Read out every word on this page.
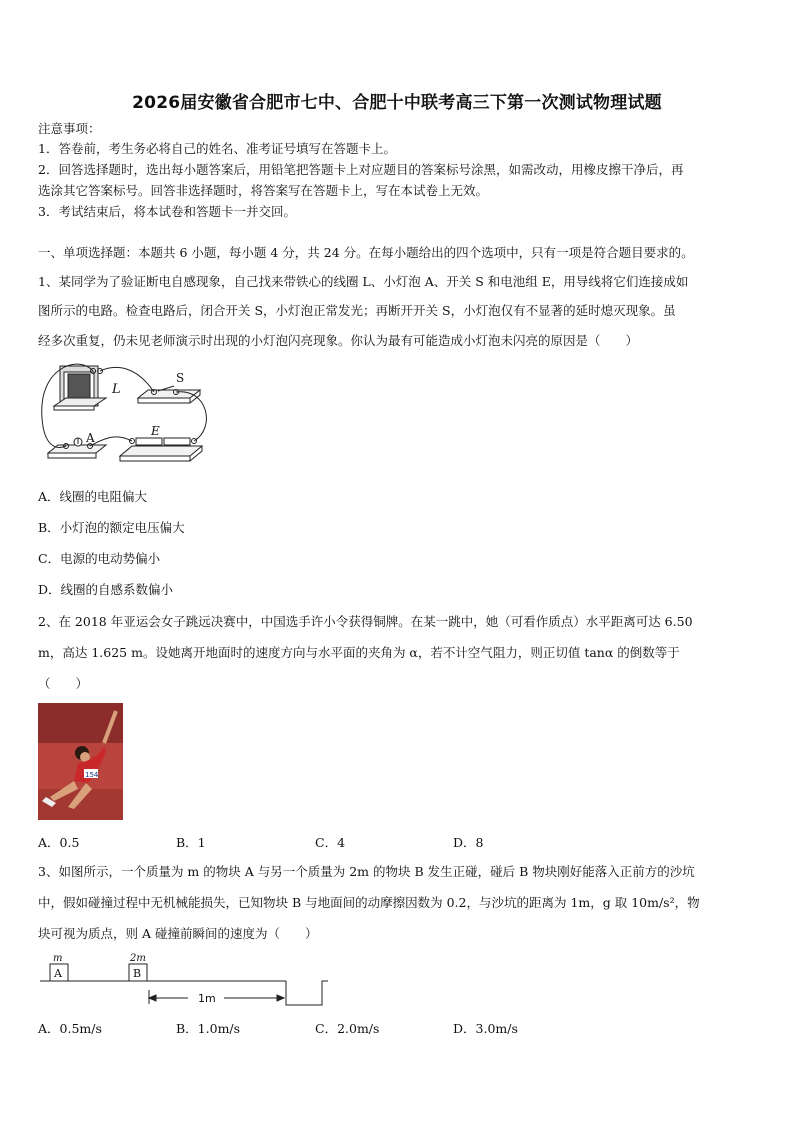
2026届安徽省合肥市七中、合肥十中联考高三下第一次测试物理试题
注意事项：
1．答卷前，考生务必将自己的姓名、准考证号填写在答题卡上。
2．回答选择题时，选出每小题答案后，用铅笔把答题卡上对应题目的答案标号涂黑，如需改动，用橡皮擦干净后，再
选涂其它答案标号。回答非选择题时，将答案写在答题卡上，写在本试卷上无效。
3．考试结束后，将本试卷和答题卡一并交回。
一、单项选择题：本题共 6 小题，每小题 4 分，共 24 分。在每小题给出的四个选项中，只有一项是符合题目要求的。
1、某同学为了验证断电自感现象，自己找来带铁心的线圈 L、小灯泡 A、开关 S 和电池组 E，用导线将它们连接成如
图所示的电路。检查电路后，闭合开关 S，小灯泡正常发光；再断开开关 S，小灯泡仅有不显著的延时熄灭现象。虽
经多次重复，仍未见老师演示时出现的小灯泡闪亮现象。你认为最有可能造成小灯泡未闪亮的原因是（　　）
L
S
E
A
A．线圈的电阻偏大
B．小灯泡的额定电压偏大
C．电源的电动势偏小
D．线圈的自感系数偏小
2、在 2018 年亚运会女子跳远决赛中，中国选手许小令获得铜牌。在某一跳中，她（可看作质点）水平距离可达 6.50
m，高达 1.625 m。设她离开地面时的速度方向与水平面的夹角为 α，若不计空气阻力，则正切值 tanα 的倒数等于
（　　）
154
A．0.5	B．1	C．4	D．8
3、如图所示，一个质量为 m 的物块 A 与另一个质量为 2m 的物块 B 发生正碰，碰后 B 物块刚好能落入正前方的沙坑
中，假如碰撞过程中无机械能损失，已知物块 B 与地面间的动摩擦因数为 0.2，与沙坑的距离为 1m，g 取 10m/s²，物
块可视为质点，则 A 碰撞前瞬间的速度为（　　）
m
A
2m
B
1m
A．0.5m/s	B．1.0m/s	C．2.0m/s	D．3.0m/s
